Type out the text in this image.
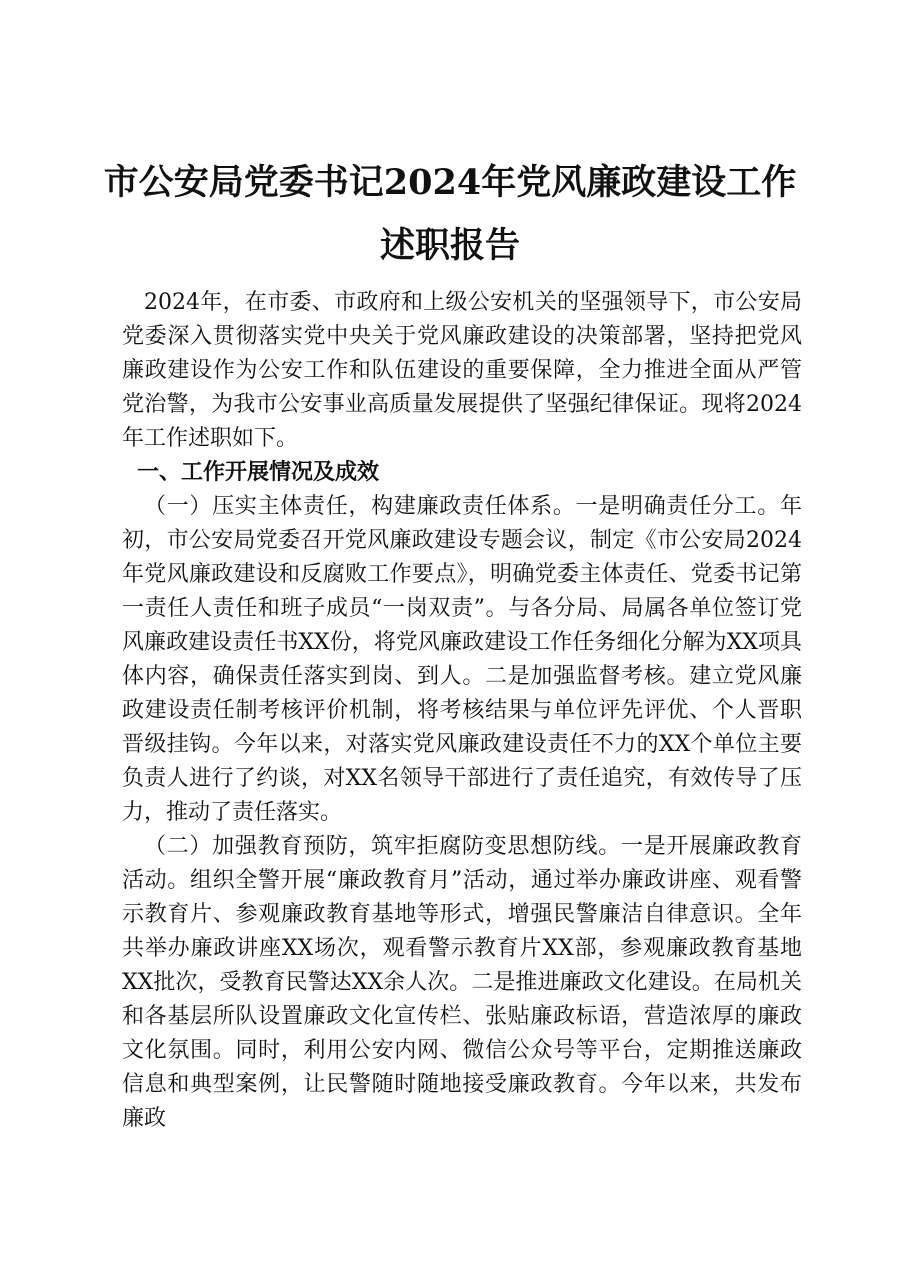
市公安局党委书记2024年党风廉政建设工作
述职报告

2024年，在市委、市政府和上级公安机关的坚强领导下，市公安局党委深入贯彻落实党中央关于党风廉政建设的决策部署，坚持把党风廉政建设作为公安工作和队伍建设的重要保障，全力推进全面从严管党治警，为我市公安事业高质量发展提供了坚强纪律保证。现将2024年工作述职如下。

一、工作开展情况及成效

（一）压实主体责任，构建廉政责任体系。一是明确责任分工。年初，市公安局党委召开党风廉政建设专题会议，制定《市公安局2024年党风廉政建设和反腐败工作要点》，明确党委主体责任、党委书记第一责任人责任和班子成员“一岗双责”。与各分局、局属各单位签订党风廉政建设责任书XX份，将党风廉政建设工作任务细化分解为XX项具体内容，确保责任落实到岗、到人。二是加强监督考核。建立党风廉政建设责任制考核评价机制，将考核结果与单位评先评优、个人晋职晋级挂钩。今年以来，对落实党风廉政建设责任不力的XX个单位主要负责人进行了约谈，对XX名领导干部进行了责任追究，有效传导了压力，推动了责任落实。

（二）加强教育预防，筑牢拒腐防变思想防线。一是开展廉政教育活动。组织全警开展“廉政教育月”活动，通过举办廉政讲座、观看警示教育片、参观廉政教育基地等形式，增强民警廉洁自律意识。全年共举办廉政讲座XX场次，观看警示教育片XX部，参观廉政教育基地XX批次，受教育民警达XX余人次。二是推进廉政文化建设。在局机关和各基层所队设置廉政文化宣传栏、张贴廉政标语，营造浓厚的廉政文化氛围。同时，利用公安内网、微信公众号等平台，定期推送廉政信息和典型案例，让民警随时随地接受廉政教育。今年以来，共发布廉政
